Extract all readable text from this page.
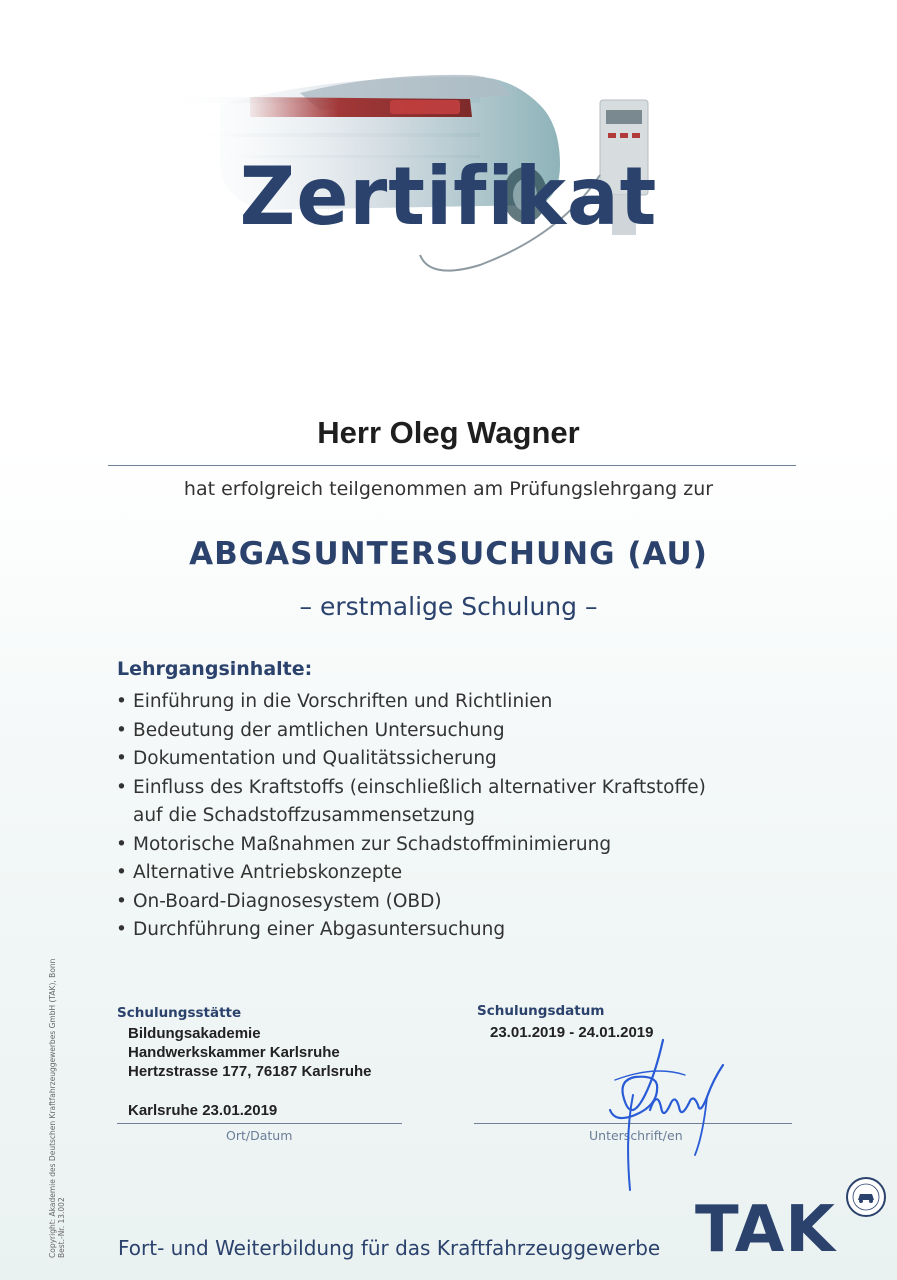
Zertifikat
Herr Oleg Wagner
hat erfolgreich teilgenommen am Prüfungslehrgang zur
ABGASUNTERSUCHUNG (AU)
– erstmalige Schulung –
Lehrgangsinhalte:
• Einführung in die Vorschriften und Richtlinien
• Bedeutung der amtlichen Untersuchung
• Dokumentation und Qualitätssicherung
• Einfluss des Kraftstoffs (einschließlich alternativer Kraftstoffe)
auf die Schadstoffzusammensetzung
• Motorische Maßnahmen zur Schadstoffminimierung
• Alternative Antriebskonzepte
• On-Board-Diagnosesystem (OBD)
• Durchführung einer Abgasuntersuchung
Schulungsstätte	Schulungsdatum
Bildungsakademie
Handwerkskammer Karlsruhe
Hertzstrasse 177, 76187 Karlsruhe
23.01.2019 - 24.01.2019
Karlsruhe 23.01.2019
Ort/Datum	Unterschrift/en
Copyright: Akademie des Deutschen Kraftfahrzeuggewerbes GmbH (TAK), Bonn Best.-Nr. 13.002	Fort- und Weiterbildung für das Kraftfahrzeuggewerbe TAK
